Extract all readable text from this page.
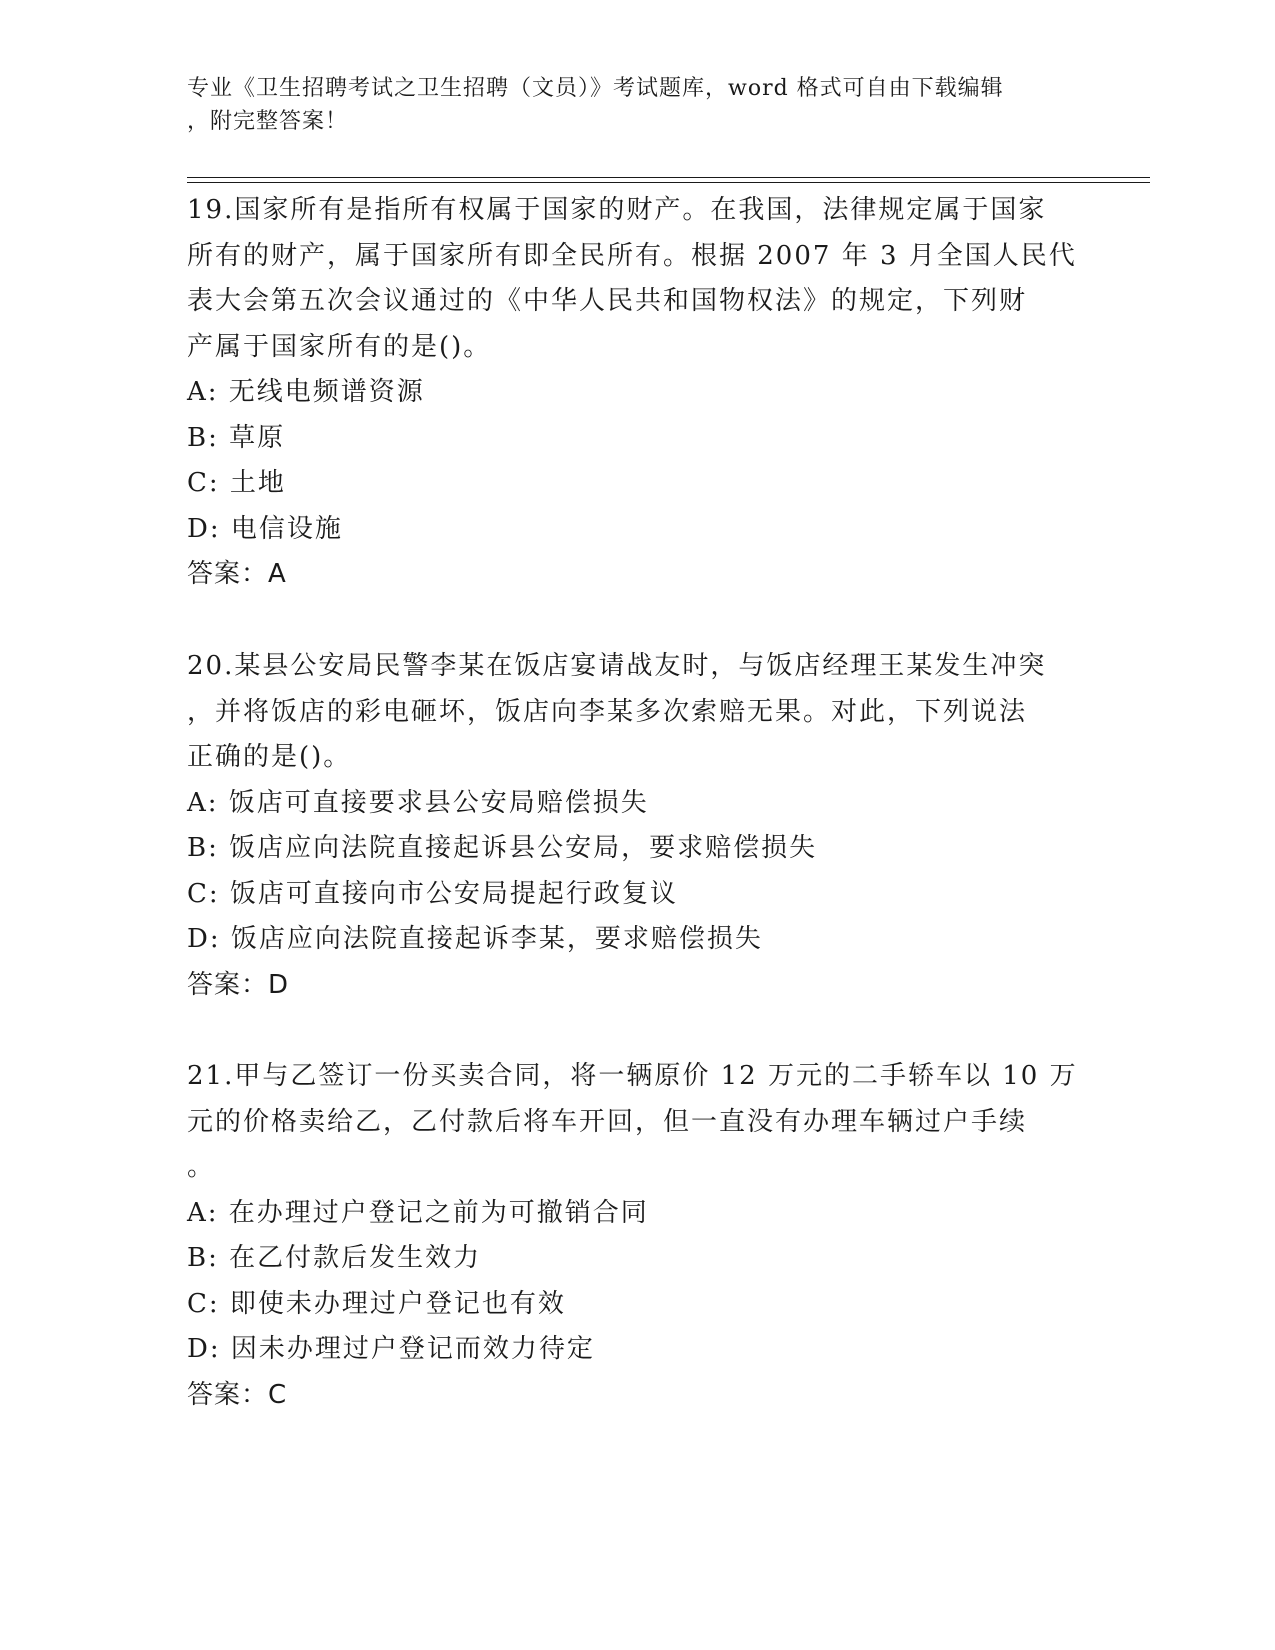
专业《卫生招聘考试之卫生招聘（文员）》考试题库，word 格式可自由下载编辑
，附完整答案！
19.国家所有是指所有权属于国家的财产。在我国，法律规定属于国家
所有的财产，属于国家所有即全民所有。根据 2007 年 3 月全国人民代
表大会第五次会议通过的《中华人民共和国物权法》的规定，下列财
产属于国家所有的是()。

A: 无线电频谱资源

B: 草原

C: 土地

D: 电信设施

答案：A

20.某县公安局民警李某在饭店宴请战友时，与饭店经理王某发生冲突
，并将饭店的彩电砸坏，饭店向李某多次索赔无果。对此，下列说法
正确的是()。

A: 饭店可直接要求县公安局赔偿损失

B: 饭店应向法院直接起诉县公安局，要求赔偿损失

C: 饭店可直接向市公安局提起行政复议

D: 饭店应向法院直接起诉李某，要求赔偿损失

答案：D

21.甲与乙签订一份买卖合同，将一辆原价 12 万元的二手轿车以 10 万
元的价格卖给乙，乙付款后将车开回，但一直没有办理车辆过户手续
。

A: 在办理过户登记之前为可撤销合同

B: 在乙付款后发生效力

C: 即使未办理过户登记也有效

D: 因未办理过户登记而效力待定

答案：C
